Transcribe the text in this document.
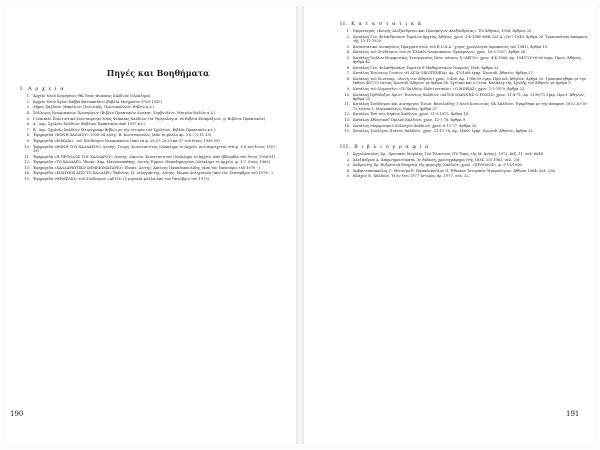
Πηγές και Βοηθήματα
I. Α ρ χ ε ί α
1. Ἀρχεῖο Νεοῦ Κοιμήσεως ΘΚ Νέας Φωκαίας Χαλδιῶν (ὁλόκληρο)
2. Ἀρχεῖο Νεοῦ Ἁγίου Σάββα Βατοπαιδίου (Βιβλία Μνημόσυν 1925-1935)
3. Δῆμος Χαλδιῶν (Φακέλων: Πολιτικῆς, Πρωτοκόλλων: Βιβλίο κ.λ.).
4. Σύλλογος Νεοφωκαέων Προσφύγων (Βιβλία Πρακτικῶν Διοικητ. Συμβουλίου, Μητρῶο Μελῶν κ.λ.)
5. Γυναικεῖο Πολιτιστικό Συνεταιρισμό Νέας Φωκαίας Χαλδιῶν (τὰ Ἡμερολόγια, τὰ Βιβλία Εἰσπράξεων, γὶ Βιβλίον Πρακτικῶν)
6. Α΄ Δημ. Σχολεῖο Χαλδιῶν (Βιβλίον Πρακτικῶν ἀπό 1937 κ.ἑ.)
7. Β΄ Δημ. Σχολεῖο Χαλδιῶν (Χειρόγραφο Βιβλίο μὲ τὴν ἱστορία τοῦ Σχολείου, Βιβλία Πρακτικῶν κ.ἑ.)
8. Ἐφημερίδα «ΦΩΝΗ ΧΑΛΔΙΟΥ» 1933-34 Δ/νης: Β. Κονστοπούλος (ἀπὸ τὸ φύλλο ἀρ. 5,6,7,9,11,13)
9. Ἐφημερίδα «ΦΩΚΑΙΑ», τοῦ Συνδέσμου Νεοφωκαέων (ἀπὸ τὰ φ. 26,27,28,29 κα 37 τοῦ ἔτους 1936-39)
10. Ἐφημερίδα «ΦΩΝΗ ΤΟΥ ΧΑΛΔΑΡΟΥ» Δ/νσης: Γεωργ. Κωνσταντίνος (ὁλόκληρο τὸ ἀρχεῖο, ποὺ περιέχεται στὰ φ. 1-6 τοῦ ἔτους 1957-58)
11. Ἐφημερίδα «Η ΠΡΟΟΔΟΣ ΤΟΥ ΧΑΛΔΑΡΟΥ» Δ/νσης: Δαμιών. Κωνσταντίνου (ὁλόκληρο τὸ ἀρχεῖο, ἀπὸ ἑβδομάδα τοῦ ἔτους 1956-61)
12. Ἐφημερίδα «ΤΟ ΧΑΛΔΑΡΙ» Ἱδιοκτ. Χαρ. Μανουσακάκης, Δ/ντής Ἐμμαν. Παπαδημητρίου (ὁλόκληρο τὸ ἀρχεῖο, φ. 1-7, ἔτους 1965)
13. Ἐφημερίδα «ΧΑΛΔΑΡΙΩΤΙΚΟ ΣΗΜΕΙΩΜΑΤΑΡΙΟ» Ἱδιοκτ. Δ/ντής: Ἀκτῖνας Παπαδοπουλίδης (ἀπὸ τὸν Ἰανουάριο τοῦ 1979 - )
14. Ἐφημερίδα «ΕΙΔΗΣΕΙΣ ΑΠΟ ΤΟ ΧΑΛΔΑΡΙ» Ἐκδότης: Π. Δεληγιάννης, Δ/ντὴς: Μαρία Δεληγιάννη (ἀπὸ τὸν Σεπτέμβριο τοῦ 1976 - )
15. Ἐφημερίδα «ΘΕΜΕΛΙΟ» τοῦ Συνδέσμου «ΑΡΓΩ» (5 μηνιαῖα φύλλα ἀπὸ τὸν Ὀκτώβριο τοῦ 1975)
II. Κ α τ α σ τ α τ ι κ ά
1. Ὀργανισμός «Κοινής Αλεξανδρείου και Προσφύγων Αλεξανδρείας». Ἐν Ἀθήναις 1928, ἄρθρον 25.
2. Κατάλογ Γεν. Φιλανθρώπων Ταμείων Ἀρχείης Ἀθήνας, χρον. 3-4-1940 ΦΕΚ 229 Α΄/26-7-1940, ἄρθρα 25. Τροποποίηση ἀπόφασις τῆς 13-11-1925
3. Καταστατικό Διοικήσεως Πραγματιστῶν τοῦ Ε.Ο.Χ.Α - χωρίς χρονολογία (προφανῶς τοῦ 1941), ἄρθρα 19.
4. Καταλόγ τοῦ Συνδέσμου τῶν ἐν Ἑλλάδι Νεοφωκαέων Προσφύγων, χρον. 16-5-1957, ἄρθρα 26.
5. Κατάλογ Ὁμίλου Μορφωτικὸς Συνεργασίας Νέου Δάσους ἢ «ΑΡΓΩ», χρον. 4-4-1966, Αρ. 10457/29-6-66 ἐγκρ. Πρωτ. Ἀθήνας, ἄρθρα 42.
6. Κατάλογ Γεν. Φιλανθρώπων Ταμείου Ε Μαθηματικῶν Νεαροῦς 1966, ἄρθρα 33.
7. Κατάλογ Ἐνώσεως Γονέων «Η ΑΓΙΑ ΟΙΚΟΓΕΝΕΙΑ» Αρ. 4701/68 ἐγκρ. Πρωτοδ. Ἀθηνῶν, ἄρθρα 27.
8. Κατάλογ τοῦ Συνεταιρ. «Ζωνή τῶν Ἀθηνῶν» χρον. 5-466, Αρ. 1766/39 ἐγκρ. Πρωτοδ. Ἀθηνῶν, ἄρθρα 35. Τροποποιήθηκε μὲ τὴν ἔκθεσι 467/73 ἑστίας Πρωτοδ. Ἀθηνῶν μὲ ἄρθρα 38. Σχετικό καὶ ὁ Γενικ. Κατάλογ τῆς Σχολῆς τοῦ Ἀθηνῶν μὲ ἄρθρα 9
9. Κατάλογ τοῦ Σωματείου «Τὸ Χαλδιῶν Πολιτιστικῶν» «Ο ΜΩΡΙΑΣ» χρον. 1-2-1970, ἄρθρα 23.
10. Κατάλογ Ὀρθοδόξου Χριστ. Ἐνώσεως Χαλδιῶν «ΑΓΙΟΣ ΙΩΑΝΝΗΣ Ο ΡΩΣΟΣ» χρον. 11-4-71, Αρ. 3190/71 ἐγκρ. Πρωτ. Ἀθηνῶν, ἄρθρα 35.
11. Κατάλογ Συνδέσμου καὶ Διατήρησις Ἐνωσ. Βασιλιάδης 1 Νεοῦ Κοινωνίας ΟΚ Χαλδιῶν. Ἐγκρίθηκε μὲ τὴν ἀπόφασι 1872.30-10-72 ἑστίας Ι. Μητροπόλεως Νικαίας, ἄρθρα 37.
12. Κατάλογ Ἐπὶ τοῖς Κηπίου Χαλδιῶν, χρον. 31-3-1975, ἄρθρα 18.
13. Κατάλογ Ἀθλητικοῦ Ὁμίλου Χαλδιῶν, χρον. 12-7-76, ἄρθρα 9.
14. Κατάλογ Μορφωτικοῦ Συλλόγου Χαλδιῶν, χρον. 6-11-77, ἄρθρα 33.
15. Κατάλογ Συλλόγου Πιστῶν Χαλδιῶν, χρον. 21-11-78, Αρ. 14600 ἐγκρ. Πρωτοδ. Ἀθηνῶν, ἄρθρα 32.
III. Β ι β λ ι ο γ ρ α φ ί α
1. Ἀγγελόπουλος Χρ., Χρονικὸν Μεγάλης Τοῦ Ἐλαιώνος (Τὸ Ἕπος τῆς Μ. Ἀσίας), 1972, 6ἑξ. 11, σελ. 6648
2. Ἀλεξάνδρου Α. Ἀπομνημονεύματα. 3η ἔκδοση, χρονογράφημα (τῆς 1834, 25) 1963, σελ. 2/8.
3. Ἀνδριώτης Χρ. Βυζαντινὰ Μνημεῖα τῆς περιοχῆς Χαλδιῶν, χρον. «ΠΡΟΟΔΟΣ», φ. 9-11/1956.
4. Ἀρβανιτακόπουλος Γ. Μίτσογα Ε. Παπαδοπούλου Π. Ἐθνικὸν Ἱστορικὸν Ἡμερολόγιον, Ἀθῆναι 1964, σελ. 236.
5. Βλάχου Ν. Χαλδιῶν. Ἡ ἐν ἔτει 1977 Ἰστορία, ἀρ. 1977, σελ. 32.
190	191
